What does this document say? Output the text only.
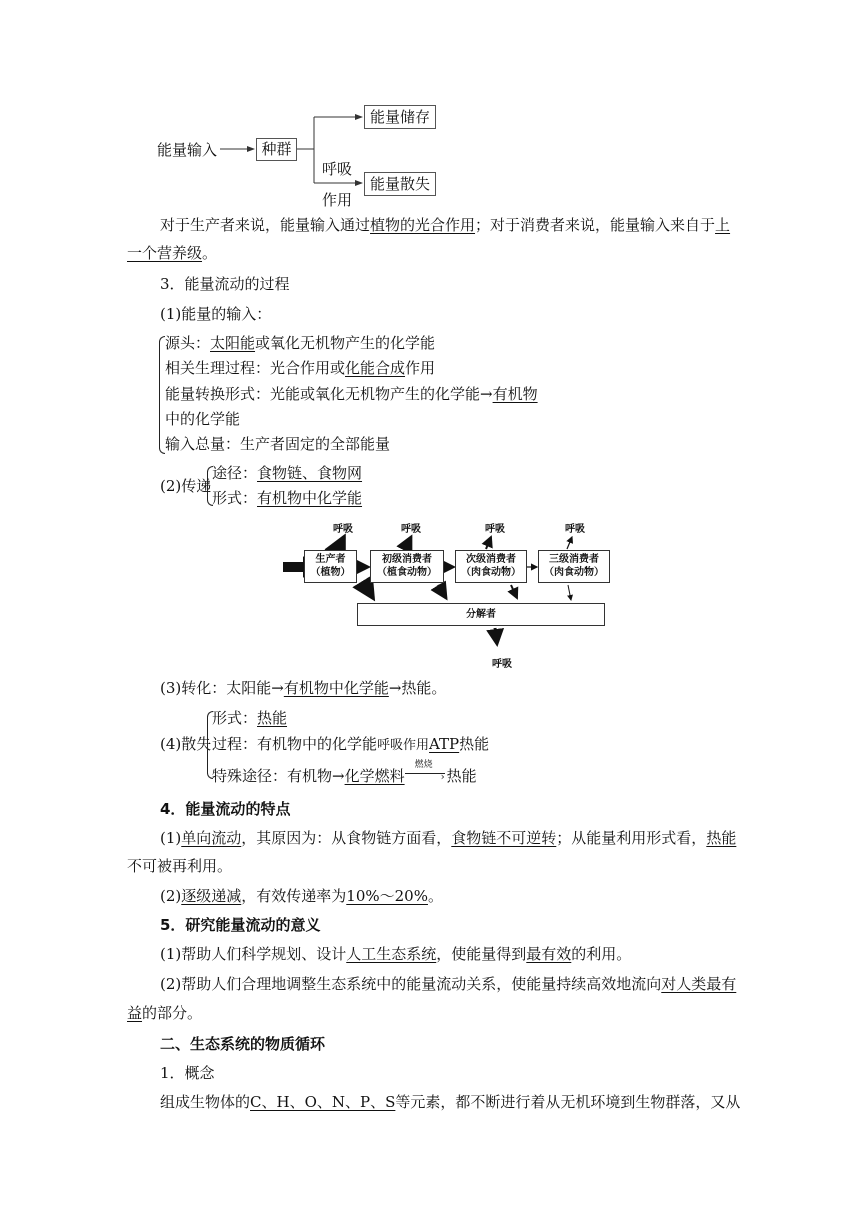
能量输入	种群
能量储存
能量散失
呼吸
作用
对于生产者来说，能量输入通过植物的光合作用；对于消费者来说，能量输入来自于上
一个营养级。
3．能量流动的过程
(1)能量的输入：
源头：太阳能或氧化无机物产生的化学能
相关生理过程：光合作用或化能合成作用
能量转换形式：光能或氧化无机物产生的化学能→有机物
中的化学能
输入总量：生产者固定的全部能量
(2)传递
途径：食物链、食物网
形式：有机物中化学能
呼吸	呼吸	呼吸	呼吸
生产者
（植物）
初级消费者
（植食动物）
次级消费者
（肉食动物）
三级消费者
（肉食动物）
分解者
呼吸
(3)转化：太阳能→有机物中化学能→热能。
(4)散失
形式：热能
过程：有机物中的化学能呼吸作用ATP热能
特殊途径：有机物→化学燃料
燃烧
› 热能
4．能量流动的特点
(1)单向流动，其原因为：从食物链方面看，食物链不可逆转；从能量利用形式看，热能
不可被再利用。
(2)逐级递减，有效传递率为10%～20%。
5．研究能量流动的意义
(1)帮助人们科学规划、设计人工生态系统，使能量得到最有效的利用。
(2)帮助人们合理地调整生态系统中的能量流动关系，使能量持续高效地流向对人类最有
益的部分。
二、生态系统的物质循环
1．概念
组成生物体的C、H、O、N、P、S等元素，都不断进行着从无机环境到生物群落，又从
